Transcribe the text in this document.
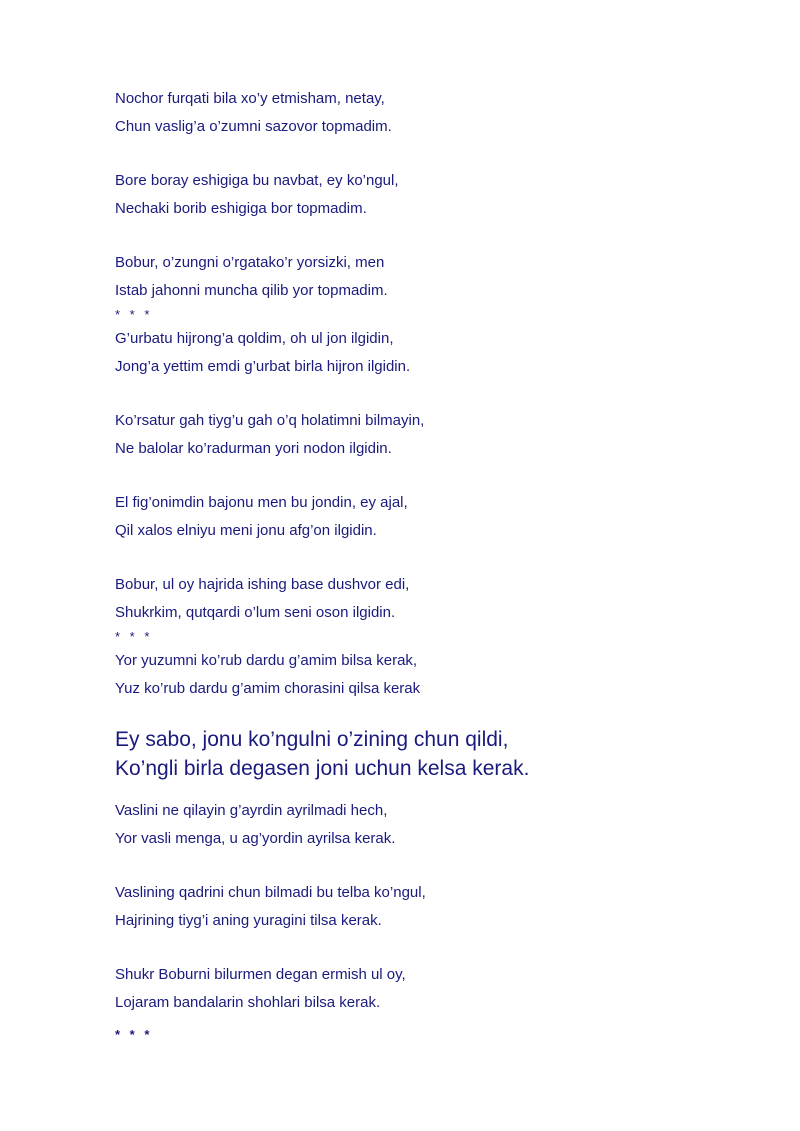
Nochor furqati bila xo’y etmisham, netay,
Chun vaslig’a o’zumni sazovor topmadim.
Bore boray eshigiga bu navbat, ey ko’ngul,
Nechaki borib eshigiga bor topmadim.
Bobur, o’zungni o’rgatako’r yorsizki, men
Istab jahonni muncha qilib yor topmadim.
* * *
G’urbatu hijrong’a qoldim, oh ul jon ilgidin,
Jong’a yettim emdi g’urbat birla hijron ilgidin.
Ko’rsatur gah tiyg’u gah o’q holatimni bilmayin,
Ne balolar ko’radurman yori nodon ilgidin.
El fig’onimdin bajonu men bu jondin, ey ajal,
Qil xalos elniyu meni jonu afg’on ilgidin.
Bobur, ul oy hajrida ishing base dushvor edi,
Shukrkim, qutqardi o’lum seni oson ilgidin.
* * *
Yor yuzumni ko’rub dardu g’amim bilsa kerak,
Yuz ko’rub dardu g’amim chorasini qilsa kerak
Ey sabo, jonu ko’ngulni o’zining chun qildi,
Ko’ngli birla degasen joni uchun kelsa kerak.
Vaslini ne qilayin g’ayrdin ayrilmadi hech,
Yor vasli menga, u ag’yordin ayrilsa kerak.
Vaslining qadrini chun bilmadi bu telba ko’ngul,
Hajrining tiyg’i aning yuragini tilsa kerak.
Shukr Boburni bilurmen degan ermish ul oy,
Lojaram bandalarin shohlari bilsa kerak.
* * *
